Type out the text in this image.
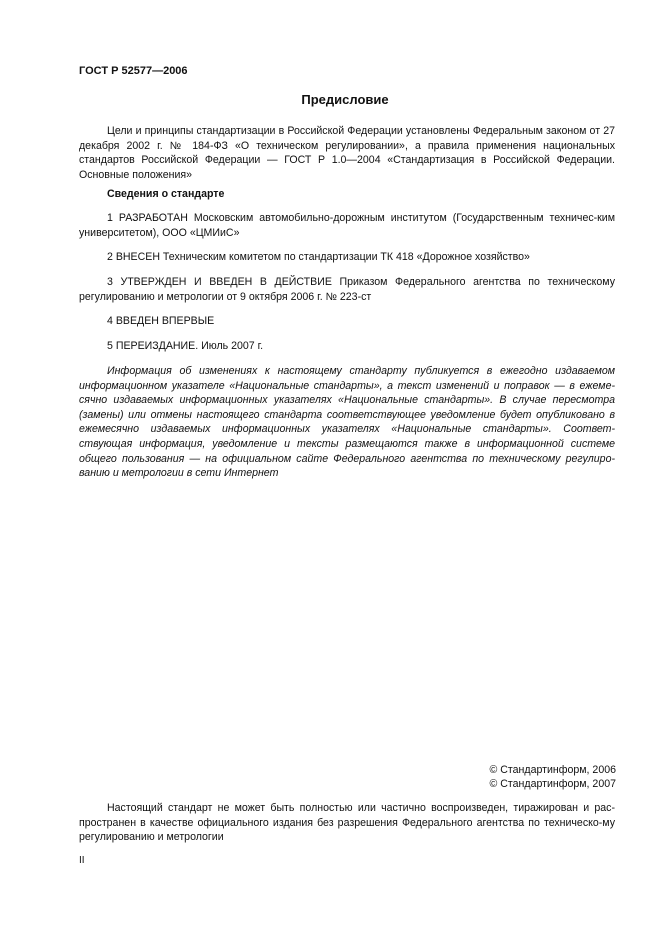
ГОСТ Р 52577—2006

Предисловие

Цели и принципы стандартизации в Российской Федерации установлены Федеральным законом от 27 декабря 2002 г. № 184-ФЗ «О техническом регулировании», а правила применения национальных стандартов Российской Федерации — ГОСТ Р 1.0—2004 «Стандартизация в Российской Федерации. Основные положения»

Сведения о стандарте

1 РАЗРАБОТАН Московским автомобильно-дорожным институтом (Государственным техничес-ким университетом), ООО «ЦМИиС»

2 ВНЕСЕН Техническим комитетом по стандартизации ТК 418 «Дорожное хозяйство»

3 УТВЕРЖДЕН И ВВЕДЕН В ДЕЙСТВИЕ Приказом Федерального агентства по техническому регулированию и метрологии от 9 октября 2006 г. № 223-ст

4 ВВЕДЕН ВПЕРВЫЕ

5 ПЕРЕИЗДАНИЕ. Июль 2007 г.

Информация об изменениях к настоящему стандарту публикуется в ежегодно издаваемом информационном указателе «Национальные стандарты», а текст изменений и поправок — в ежеме-сячно издаваемых информационных указателях «Национальные стандарты». В случае пересмотра (замены) или отмены настоящего стандарта соответствующее уведомление будет опубликовано в ежемесячно издаваемых информационных указателях «Национальные стандарты». Соответ-ствующая информация, уведомление и тексты размещаются также в информационной системе общего пользования — на официальном сайте Федерального агентства по техническому регулиро-ванию и метрологии в сети Интернет

© Стандартинформ, 2006

© Стандартинформ, 2007

Настоящий стандарт не может быть полностью или частично воспроизведен, тиражирован и рас-пространен в качестве официального издания без разрешения Федерального агентства по техническо-му регулированию и метрологии

II
